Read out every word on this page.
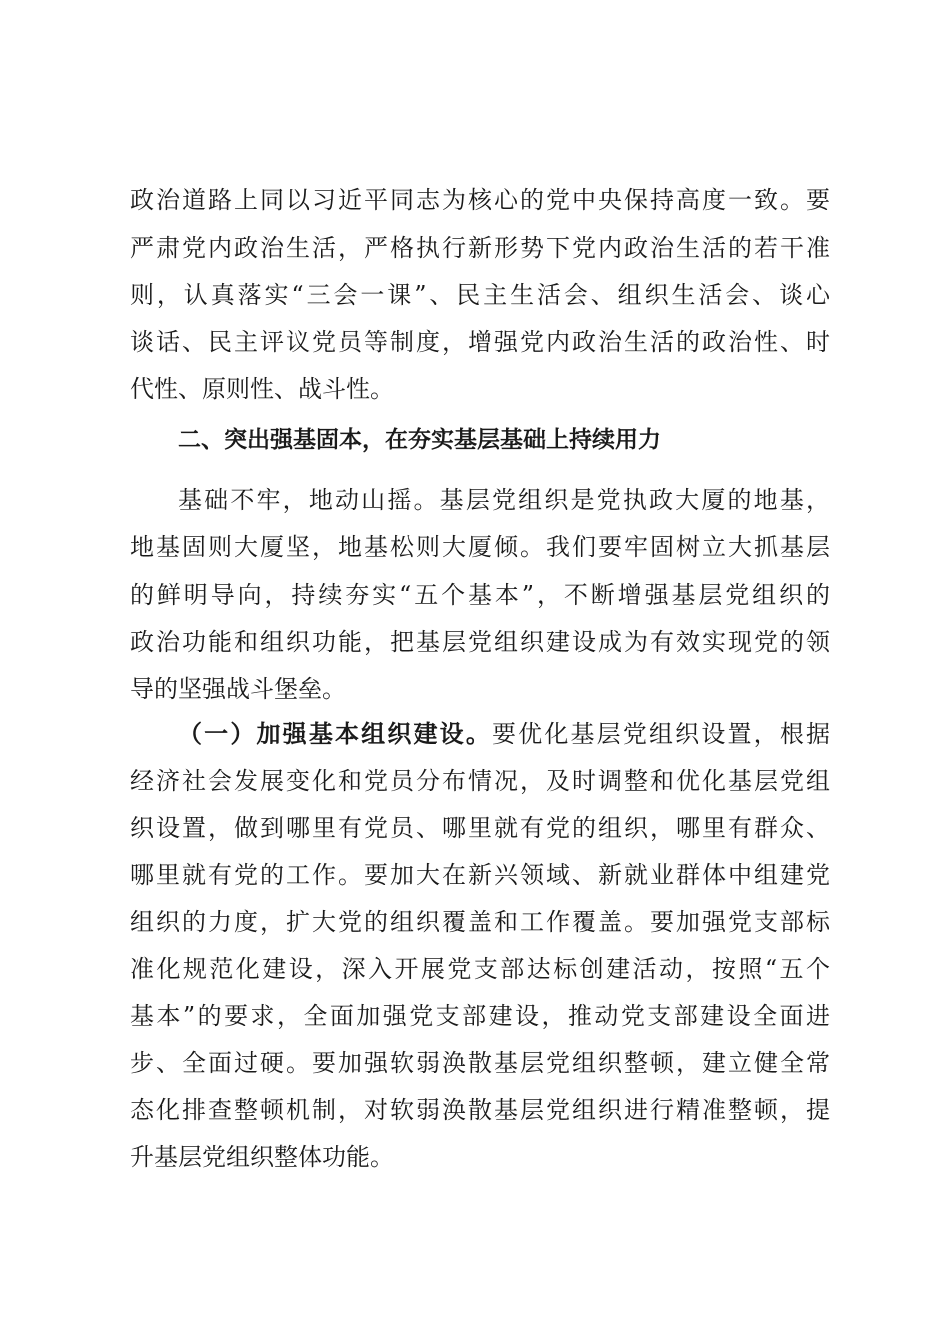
政治道路上同以习近平同志为核心的党中央保持高度一致。要
严肃党内政治生活，严格执行新形势下党内政治生活的若干准
则，认真落实“三会一课”、民主生活会、组织生活会、谈心
谈话、民主评议党员等制度，增强党内政治生活的政治性、时
代性、原则性、战斗性。
二、突出强基固本，在夯实基层基础上持续用力
基础不牢，地动山摇。基层党组织是党执政大厦的地基，
地基固则大厦坚，地基松则大厦倾。我们要牢固树立大抓基层
的鲜明导向，持续夯实“五个基本”，不断增强基层党组织的
政治功能和组织功能，把基层党组织建设成为有效实现党的领
导的坚强战斗堡垒。
（一）加强基本组织建设。要优化基层党组织设置，根据
经济社会发展变化和党员分布情况，及时调整和优化基层党组
织设置，做到哪里有党员、哪里就有党的组织，哪里有群众、
哪里就有党的工作。要加大在新兴领域、新就业群体中组建党
组织的力度，扩大党的组织覆盖和工作覆盖。要加强党支部标
准化规范化建设，深入开展党支部达标创建活动，按照“五个
基本”的要求，全面加强党支部建设，推动党支部建设全面进
步、全面过硬。要加强软弱涣散基层党组织整顿，建立健全常
态化排查整顿机制，对软弱涣散基层党组织进行精准整顿，提
升基层党组织整体功能。
